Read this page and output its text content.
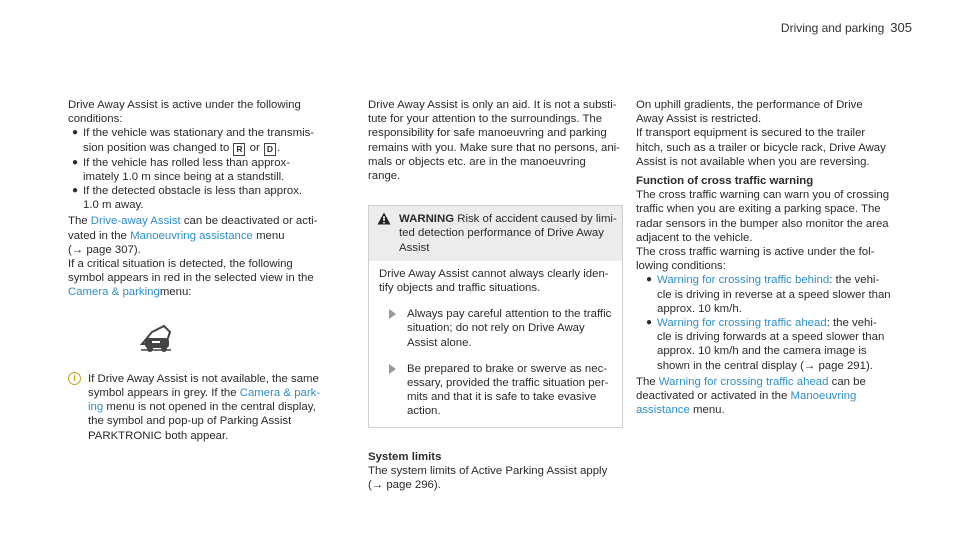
Driving and parking 305

Drive Away Assist is active under the following
conditions:

● If the vehicle was stationary and the transmis-
sion position was changed to R or D .
● If the vehicle has rolled less than approx-
imately 1.0 m since being at a standstill.
● If the detected obstacle is less than approx.
1.0 m away.

The Drive-away Assist can be deactivated or acti-
vated in the Manoeuvring assistance menu
(→ page 307).

If a critical situation is detected, the following
symbol appears in red in the selected view in the
Camera & parkingmenu:

i	If Drive Away Assist is not available, the same
symbol appears in grey. If the Camera & park-
ing menu is not opened in the central display,
the symbol and pop-up of Parking Assist
PARKTRONIC both appear.

Drive Away Assist is only an aid. It is not a substi-
tute for your attention to the surroundings. The
responsibility for safe manoeuvring and parking
remains with you. Make sure that no persons, ani-
mals or objects etc. are in the manoeuvring
range.

WARNING Risk of accident caused by limi-
ted detection performance of Drive Away
Assist
Drive Away Assist cannot always clearly iden-
tify objects and traffic situations.
Always pay careful attention to the traffic
situation; do not rely on Drive Away
Assist alone.
Be prepared to brake or swerve as nec-
essary, provided the traffic situation per-
mits and that it is safe to take evasive
action.

System limits

The system limits of Active Parking Assist apply
(→ page 296).

On uphill gradients, the performance of Drive
Away Assist is restricted.

If transport equipment is secured to the trailer
hitch, such as a trailer or bicycle rack, Drive Away
Assist is not available when you are reversing.

Function of cross traffic warning

The cross traffic warning can warn you of crossing
traffic when you are exiting a parking space. The
radar sensors in the bumper also monitor the area
adjacent to the vehicle.

The cross traffic warning is active under the fol-
lowing conditions:

● Warning for crossing traffic behind: the vehi-
cle is driving in reverse at a speed slower than
approx. 10 km/h.
● Warning for crossing traffic ahead: the vehi-
cle is driving forwards at a speed slower than
approx. 10 km/h and the camera image is
shown in the central display (→ page 291).

The Warning for crossing traffic ahead can be
deactivated or activated in the Manoeuvring
assistance menu.
